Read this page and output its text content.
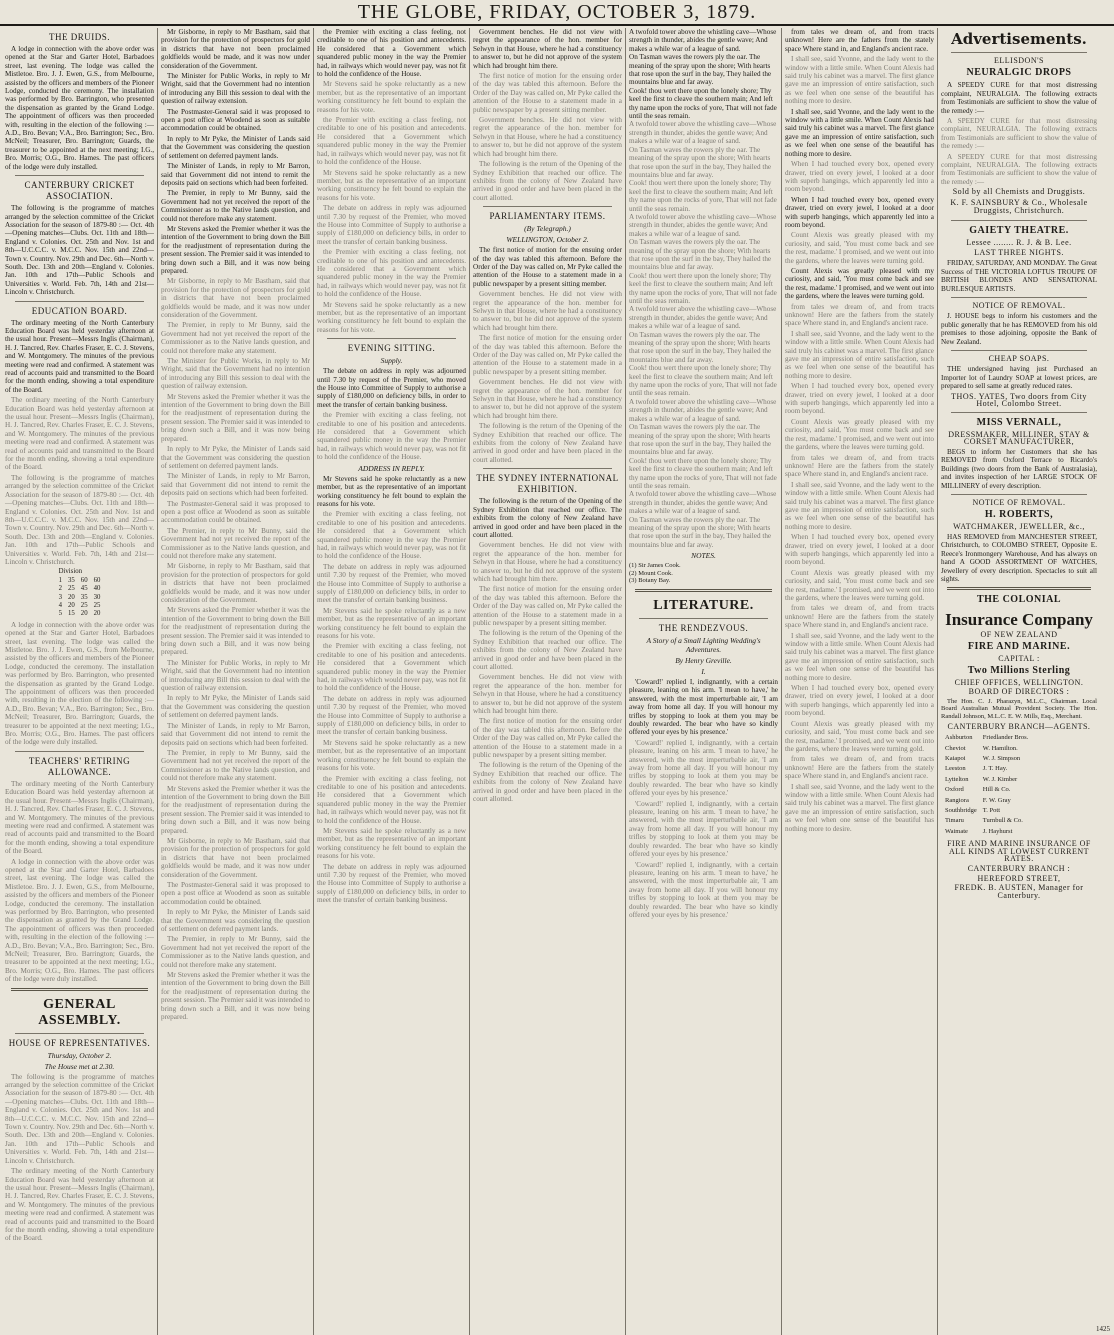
THE GLOBE, FRIDAY, OCTOBER 3, 1879.
THE DRUIDS.

A lodge in connection with the above order was opened at the Star and Garter Hotel, Barbadoes street, last evening. The lodge was called the Mistletoe. Bro. J. J. Ewen, G.S., from Melbourne, assisted by the officers and members of the Pioneer Lodge, conducted the ceremony. The installation was performed by Bro. Barrington, who presented the dispensation as granted by the Grand Lodge. The appointment of officers was then proceeded with, resulting in the election of the following :—A.D., Bro. Bevan; V.A., Bro. Barrington; Sec., Bro. McNeil; Treasurer, Bro. Barrington; Guards, the treasurer to be appointed at the next meeting; I.G., Bro. Morris; O.G., Bro. Hames. The past officers of the lodge were duly installed.

CANTERBURY CRICKET ASSOCIATION.

The following is the programme of matches arranged by the selection committee of the Cricket Association for the season of 1879-80 :— Oct. 4th—Opening matches—Clubs. Oct. 11th and 18th—England v. Colonies. Oct. 25th and Nov. 1st and 8th—U.C.C.C. v. M.C.C. Nov. 15th and 22nd—Town v. Country. Nov. 29th and Dec. 6th—North v. South. Dec. 13th and 20th—England v. Colonies. Jan. 10th and 17th—Public Schools and Universities v. World. Feb. 7th, 14th and 21st—Lincoln v. Christchurch.

EDUCATION BOARD.

The ordinary meeting of the North Canterbury Education Board was held yesterday afternoon at the usual hour. Present—Messrs Inglis (Chairman), H. J. Tancred, Rev. Charles Fraser, E. C. J. Stevens, and W. Montgomery. The minutes of the previous meeting were read and confirmed. A statement was read of accounts paid and transmitted to the Board for the month ending, showing a total expenditure of the Board.

The ordinary meeting of the North Canterbury Education Board was held yesterday afternoon at the usual hour. Present—Messrs Inglis (Chairman), H. J. Tancred, Rev. Charles Fraser, E. C. J. Stevens, and W. Montgomery. The minutes of the previous meeting were read and confirmed. A statement was read of accounts paid and transmitted to the Board for the month ending, showing a total expenditure of the Board.

The following is the programme of matches arranged by the selection committee of the Cricket Association for the season of 1879-80 :— Oct. 4th—Opening matches—Clubs. Oct. 11th and 18th—England v. Colonies. Oct. 25th and Nov. 1st and 8th—U.C.C.C. v. M.C.C. Nov. 15th and 22nd—Town v. Country. Nov. 29th and Dec. 6th—North v. South. Dec. 13th and 20th—England v. Colonies. Jan. 10th and 17th—Public Schools and Universities v. World. Feb. 7th, 14th and 21st—Lincoln v. Christchurch.

Division			
1	35	60	60
2	25	45	40
3	20	35	30
4	20	25	25
5	15	20	20

A lodge in connection with the above order was opened at the Star and Garter Hotel, Barbadoes street, last evening. The lodge was called the Mistletoe. Bro. J. J. Ewen, G.S., from Melbourne, assisted by the officers and members of the Pioneer Lodge, conducted the ceremony. The installation was performed by Bro. Barrington, who presented the dispensation as granted by the Grand Lodge. The appointment of officers was then proceeded with, resulting in the election of the following :—A.D., Bro. Bevan; V.A., Bro. Barrington; Sec., Bro. McNeil; Treasurer, Bro. Barrington; Guards, the treasurer to be appointed at the next meeting; I.G., Bro. Morris; O.G., Bro. Hames. The past officers of the lodge were duly installed.

TEACHERS' RETIRING ALLOWANCE.

The ordinary meeting of the North Canterbury Education Board was held yesterday afternoon at the usual hour. Present—Messrs Inglis (Chairman), H. J. Tancred, Rev. Charles Fraser, E. C. J. Stevens, and W. Montgomery. The minutes of the previous meeting were read and confirmed. A statement was read of accounts paid and transmitted to the Board for the month ending, showing a total expenditure of the Board.

A lodge in connection with the above order was opened at the Star and Garter Hotel, Barbadoes street, last evening. The lodge was called the Mistletoe. Bro. J. J. Ewen, G.S., from Melbourne, assisted by the officers and members of the Pioneer Lodge, conducted the ceremony. The installation was performed by Bro. Barrington, who presented the dispensation as granted by the Grand Lodge. The appointment of officers was then proceeded with, resulting in the election of the following :—A.D., Bro. Bevan; V.A., Bro. Barrington; Sec., Bro. McNeil; Treasurer, Bro. Barrington; Guards, the treasurer to be appointed at the next meeting; I.G., Bro. Morris; O.G., Bro. Hames. The past officers of the lodge were duly installed.

GENERAL ASSEMBLY.
HOUSE OF REPRESENTATIVES.
Thursday, October 2.
The House met at 2.30.

The following is the programme of matches arranged by the selection committee of the Cricket Association for the season of 1879-80 :— Oct. 4th—Opening matches—Clubs. Oct. 11th and 18th—England v. Colonies. Oct. 25th and Nov. 1st and 8th—U.C.C.C. v. M.C.C. Nov. 15th and 22nd—Town v. Country. Nov. 29th and Dec. 6th—North v. South. Dec. 13th and 20th—England v. Colonies. Jan. 10th and 17th—Public Schools and Universities v. World. Feb. 7th, 14th and 21st—Lincoln v. Christchurch.

The ordinary meeting of the North Canterbury Education Board was held yesterday afternoon at the usual hour. Present—Messrs Inglis (Chairman), H. J. Tancred, Rev. Charles Fraser, E. C. J. Stevens, and W. Montgomery. The minutes of the previous meeting were read and confirmed. A statement was read of accounts paid and transmitted to the Board for the month ending, showing a total expenditure of the Board.

Mr Gisborne, in reply to Mr Bastham, said that provision for the protection of prospectors for gold in districts that have not been proclaimed goldfields would be made, and it was now under consideration of the Government.

The Minister for Public Works, in reply to Mr Wright, said that the Government had no intention of introducing any Bill this session to deal with the question of railway extension.

The Postmaster-General said it was proposed to open a post office at Woodend as soon as suitable accommodation could be obtained.

In reply to Mr Pyke, the Minister of Lands said that the Government was considering the question of settlement on deferred payment lands.

The Minister of Lands, in reply to Mr Barron, said that Government did not intend to remit the deposits paid on sections which had been forfeited.

The Premier, in reply to Mr Bunny, said the Government had not yet received the report of the Commissioner as to the Native lands question, and could not therefore make any statement.

Mr Stevens asked the Premier whether it was the intention of the Government to bring down the Bill for the readjustment of representation during the present session. The Premier said it was intended to bring down such a Bill, and it was now being prepared.

Mr Gisborne, in reply to Mr Bastham, said that provision for the protection of prospectors for gold in districts that have not been proclaimed goldfields would be made, and it was now under consideration of the Government.

The Premier, in reply to Mr Bunny, said the Government had not yet received the report of the Commissioner as to the Native lands question, and could not therefore make any statement.

The Minister for Public Works, in reply to Mr Wright, said that the Government had no intention of introducing any Bill this session to deal with the question of railway extension.

Mr Stevens asked the Premier whether it was the intention of the Government to bring down the Bill for the readjustment of representation during the present session. The Premier said it was intended to bring down such a Bill, and it was now being prepared.

In reply to Mr Pyke, the Minister of Lands said that the Government was considering the question of settlement on deferred payment lands.

The Minister of Lands, in reply to Mr Barron, said that Government did not intend to remit the deposits paid on sections which had been forfeited.

The Postmaster-General said it was proposed to open a post office at Woodend as soon as suitable accommodation could be obtained.

The Premier, in reply to Mr Bunny, said the Government had not yet received the report of the Commissioner as to the Native lands question, and could not therefore make any statement.

Mr Gisborne, in reply to Mr Bastham, said that provision for the protection of prospectors for gold in districts that have not been proclaimed goldfields would be made, and it was now under consideration of the Government.

Mr Stevens asked the Premier whether it was the intention of the Government to bring down the Bill for the readjustment of representation during the present session. The Premier said it was intended to bring down such a Bill, and it was now being prepared.

The Minister for Public Works, in reply to Mr Wright, said that the Government had no intention of introducing any Bill this session to deal with the question of railway extension.

In reply to Mr Pyke, the Minister of Lands said that the Government was considering the question of settlement on deferred payment lands.

The Minister of Lands, in reply to Mr Barron, said that Government did not intend to remit the deposits paid on sections which had been forfeited.

The Premier, in reply to Mr Bunny, said the Government had not yet received the report of the Commissioner as to the Native lands question, and could not therefore make any statement.

Mr Stevens asked the Premier whether it was the intention of the Government to bring down the Bill for the readjustment of representation during the present session. The Premier said it was intended to bring down such a Bill, and it was now being prepared.

Mr Gisborne, in reply to Mr Bastham, said that provision for the protection of prospectors for gold in districts that have not been proclaimed goldfields would be made, and it was now under consideration of the Government.

The Postmaster-General said it was proposed to open a post office at Woodend as soon as suitable accommodation could be obtained.

In reply to Mr Pyke, the Minister of Lands said that the Government was considering the question of settlement on deferred payment lands.

The Premier, in reply to Mr Bunny, said the Government had not yet received the report of the Commissioner as to the Native lands question, and could not therefore make any statement.

Mr Stevens asked the Premier whether it was the intention of the Government to bring down the Bill for the readjustment of representation during the present session. The Premier said it was intended to bring down such a Bill, and it was now being prepared.

the Premier with exciting a class feeling, not creditable to one of his position and antecedents. He considered that a Government which squandered public money in the way the Premier had, in railways which would never pay, was not fit to hold the confidence of the House.

Mr Stevens said he spoke reluctantly as a new member, but as the representative of an important working constituency he felt bound to explain the reasons for his vote.

the Premier with exciting a class feeling, not creditable to one of his position and antecedents. He considered that a Government which squandered public money in the way the Premier had, in railways which would never pay, was not fit to hold the confidence of the House.

Mr Stevens said he spoke reluctantly as a new member, but as the representative of an important working constituency he felt bound to explain the reasons for his vote.

The debate on address in reply was adjourned until 7.30 by request of the Premier, who moved the House into Committee of Supply to authorise a supply of £180,000 on deficiency bills, in order to meet the transfer of certain banking business.

the Premier with exciting a class feeling, not creditable to one of his position and antecedents. He considered that a Government which squandered public money in the way the Premier had, in railways which would never pay, was not fit to hold the confidence of the House.

Mr Stevens said he spoke reluctantly as a new member, but as the representative of an important working constituency he felt bound to explain the reasons for his vote.

EVENING SITTING.
Supply.

The debate on address in reply was adjourned until 7.30 by request of the Premier, who moved the House into Committee of Supply to authorise a supply of £180,000 on deficiency bills, in order to meet the transfer of certain banking business.

the Premier with exciting a class feeling, not creditable to one of his position and antecedents. He considered that a Government which squandered public money in the way the Premier had, in railways which would never pay, was not fit to hold the confidence of the House.

ADDRESS IN REPLY.

Mr Stevens said he spoke reluctantly as a new member, but as the representative of an important working constituency he felt bound to explain the reasons for his vote.

the Premier with exciting a class feeling, not creditable to one of his position and antecedents. He considered that a Government which squandered public money in the way the Premier had, in railways which would never pay, was not fit to hold the confidence of the House.

The debate on address in reply was adjourned until 7.30 by request of the Premier, who moved the House into Committee of Supply to authorise a supply of £180,000 on deficiency bills, in order to meet the transfer of certain banking business.

Mr Stevens said he spoke reluctantly as a new member, but as the representative of an important working constituency he felt bound to explain the reasons for his vote.

the Premier with exciting a class feeling, not creditable to one of his position and antecedents. He considered that a Government which squandered public money in the way the Premier had, in railways which would never pay, was not fit to hold the confidence of the House.

The debate on address in reply was adjourned until 7.30 by request of the Premier, who moved the House into Committee of Supply to authorise a supply of £180,000 on deficiency bills, in order to meet the transfer of certain banking business.

Mr Stevens said he spoke reluctantly as a new member, but as the representative of an important working constituency he felt bound to explain the reasons for his vote.

the Premier with exciting a class feeling, not creditable to one of his position and antecedents. He considered that a Government which squandered public money in the way the Premier had, in railways which would never pay, was not fit to hold the confidence of the House.

Mr Stevens said he spoke reluctantly as a new member, but as the representative of an important working constituency he felt bound to explain the reasons for his vote.

The debate on address in reply was adjourned until 7.30 by request of the Premier, who moved the House into Committee of Supply to authorise a supply of £180,000 on deficiency bills, in order to meet the transfer of certain banking business.

Government benches. He did not view with regret the appearance of the hon. member for Selwyn in that House, where he had a constituency to answer to, but he did not approve of the system which had brought him there.

The first notice of motion for the ensuing order of the day was tabled this afternoon. Before the Order of the Day was called on, Mr Pyke called the attention of the House to a statement made in a public newspaper by a present sitting member.

Government benches. He did not view with regret the appearance of the hon. member for Selwyn in that House, where he had a constituency to answer to, but he did not approve of the system which had brought him there.

The following is the return of the Opening of the Sydney Exhibition that reached our office. The exhibits from the colony of New Zealand have arrived in good order and have been placed in the court allotted.

PARLIAMENTARY ITEMS.
(By Telegraph.)
WELLINGTON, October 2.

The first notice of motion for the ensuing order of the day was tabled this afternoon. Before the Order of the Day was called on, Mr Pyke called the attention of the House to a statement made in a public newspaper by a present sitting member.

Government benches. He did not view with regret the appearance of the hon. member for Selwyn in that House, where he had a constituency to answer to, but he did not approve of the system which had brought him there.

The first notice of motion for the ensuing order of the day was tabled this afternoon. Before the Order of the Day was called on, Mr Pyke called the attention of the House to a statement made in a public newspaper by a present sitting member.

Government benches. He did not view with regret the appearance of the hon. member for Selwyn in that House, where he had a constituency to answer to, but he did not approve of the system which had brought him there.

The following is the return of the Opening of the Sydney Exhibition that reached our office. The exhibits from the colony of New Zealand have arrived in good order and have been placed in the court allotted.

THE SYDNEY INTERNATIONAL EXHIBITION.

The following is the return of the Opening of the Sydney Exhibition that reached our office. The exhibits from the colony of New Zealand have arrived in good order and have been placed in the court allotted.

Government benches. He did not view with regret the appearance of the hon. member for Selwyn in that House, where he had a constituency to answer to, but he did not approve of the system which had brought him there.

The first notice of motion for the ensuing order of the day was tabled this afternoon. Before the Order of the Day was called on, Mr Pyke called the attention of the House to a statement made in a public newspaper by a present sitting member.

The following is the return of the Opening of the Sydney Exhibition that reached our office. The exhibits from the colony of New Zealand have arrived in good order and have been placed in the court allotted.

Government benches. He did not view with regret the appearance of the hon. member for Selwyn in that House, where he had a constituency to answer to, but he did not approve of the system which had brought him there.

The first notice of motion for the ensuing order of the day was tabled this afternoon. Before the Order of the Day was called on, Mr Pyke called the attention of the House to a statement made in a public newspaper by a present sitting member.

The following is the return of the Opening of the Sydney Exhibition that reached our office. The exhibits from the colony of New Zealand have arrived in good order and have been placed in the court allotted.

A twofold tower above the whistling cave—Whose strength in thunder, abides the gentle wave; And makes a while war of a league of sand.

On Tasman waves the rowers ply the oar. The meaning of the spray upon the shore; With hearts that rose upon the surf in the bay, They hailed the mountains blue and far away.

Cook! thou wert there upon the lonely shore; Thy keel the first to cleave the southern main; And left thy name upon the rocks of yore, That will not fade until the seas remain.

A twofold tower above the whistling cave—Whose strength in thunder, abides the gentle wave; And makes a while war of a league of sand.

On Tasman waves the rowers ply the oar. The meaning of the spray upon the shore; With hearts that rose upon the surf in the bay, They hailed the mountains blue and far away.

Cook! thou wert there upon the lonely shore; Thy keel the first to cleave the southern main; And left thy name upon the rocks of yore, That will not fade until the seas remain.

A twofold tower above the whistling cave—Whose strength in thunder, abides the gentle wave; And makes a while war of a league of sand.

On Tasman waves the rowers ply the oar. The meaning of the spray upon the shore; With hearts that rose upon the surf in the bay, They hailed the mountains blue and far away.

Cook! thou wert there upon the lonely shore; Thy keel the first to cleave the southern main; And left thy name upon the rocks of yore, That will not fade until the seas remain.

A twofold tower above the whistling cave—Whose strength in thunder, abides the gentle wave; And makes a while war of a league of sand.

On Tasman waves the rowers ply the oar. The meaning of the spray upon the shore; With hearts that rose upon the surf in the bay, They hailed the mountains blue and far away.

Cook! thou wert there upon the lonely shore; Thy keel the first to cleave the southern main; And left thy name upon the rocks of yore, That will not fade until the seas remain.

A twofold tower above the whistling cave—Whose strength in thunder, abides the gentle wave; And makes a while war of a league of sand.

On Tasman waves the rowers ply the oar. The meaning of the spray upon the shore; With hearts that rose upon the surf in the bay, They hailed the mountains blue and far away.

Cook! thou wert there upon the lonely shore; Thy keel the first to cleave the southern main; And left thy name upon the rocks of yore, That will not fade until the seas remain.

A twofold tower above the whistling cave—Whose strength in thunder, abides the gentle wave; And makes a while war of a league of sand.

On Tasman waves the rowers ply the oar. The meaning of the spray upon the shore; With hearts that rose upon the surf in the bay, They hailed the mountains blue and far away.

NOTES.
(1) Sir James Cook.
(2) Mount Cook.
(3) Botany Bay.
LITERATURE.
THE RENDEZVOUS.
A Story of a Small Lighting Wedding's Adventures.
By Henry Greville.
I.

'Coward!' replied I, indignantly, with a certain pleasure, leaning on his arm. 'I mean to have,' he answered, with the most imperturbable air, 'I am away from home all day. If you will honour my trifles by stopping to look at them you may be doubly rewarded. The bear who have so kindly offered your eyes by his presence.'

'Coward!' replied I, indignantly, with a certain pleasure, leaning on his arm. 'I mean to have,' he answered, with the most imperturbable air, 'I am away from home all day. If you will honour my trifles by stopping to look at them you may be doubly rewarded. The bear who have so kindly offered your eyes by his presence.'

'Coward!' replied I, indignantly, with a certain pleasure, leaning on his arm. 'I mean to have,' he answered, with the most imperturbable air, 'I am away from home all day. If you will honour my trifles by stopping to look at them you may be doubly rewarded. The bear who have so kindly offered your eyes by his presence.'

'Coward!' replied I, indignantly, with a certain pleasure, leaning on his arm. 'I mean to have,' he answered, with the most imperturbable air, 'I am away from home all day. If you will honour my trifles by stopping to look at them you may be doubly rewarded. The bear who have so kindly offered your eyes by his presence.'

from tales we dream of, and from tracts unknown! Here are the fathers from the stately space Where stand in, and England's ancient race.

I shall see, said Yvonne, and the lady went to the window with a little smile. When Count Alexis had said truly his cabinet was a marvel. The first glance gave me an impression of entire satisfaction, such as we feel when one sense of the beautiful has nothing more to desire.

I shall see, said Yvonne, and the lady went to the window with a little smile. When Count Alexis had said truly his cabinet was a marvel. The first glance gave me an impression of entire satisfaction, such as we feel when one sense of the beautiful has nothing more to desire.

When I had touched every box, opened every drawer, tried on every jewel, I looked at a door with superb hangings, which apparently led into a room beyond.

When I had touched every box, opened every drawer, tried on every jewel, I looked at a door with superb hangings, which apparently led into a room beyond.

Count Alexis was greatly pleased with my curiosity, and said, 'You must come back and see the rest, madame.' I promised, and we went out into the gardens, where the leaves were turning gold.

Count Alexis was greatly pleased with my curiosity, and said, 'You must come back and see the rest, madame.' I promised, and we went out into the gardens, where the leaves were turning gold.

from tales we dream of, and from tracts unknown! Here are the fathers from the stately space Where stand in, and England's ancient race.

I shall see, said Yvonne, and the lady went to the window with a little smile. When Count Alexis had said truly his cabinet was a marvel. The first glance gave me an impression of entire satisfaction, such as we feel when one sense of the beautiful has nothing more to desire.

When I had touched every box, opened every drawer, tried on every jewel, I looked at a door with superb hangings, which apparently led into a room beyond.

Count Alexis was greatly pleased with my curiosity, and said, 'You must come back and see the rest, madame.' I promised, and we went out into the gardens, where the leaves were turning gold.

from tales we dream of, and from tracts unknown! Here are the fathers from the stately space Where stand in, and England's ancient race.

I shall see, said Yvonne, and the lady went to the window with a little smile. When Count Alexis had said truly his cabinet was a marvel. The first glance gave me an impression of entire satisfaction, such as we feel when one sense of the beautiful has nothing more to desire.

When I had touched every box, opened every drawer, tried on every jewel, I looked at a door with superb hangings, which apparently led into a room beyond.

Count Alexis was greatly pleased with my curiosity, and said, 'You must come back and see the rest, madame.' I promised, and we went out into the gardens, where the leaves were turning gold.

from tales we dream of, and from tracts unknown! Here are the fathers from the stately space Where stand in, and England's ancient race.

I shall see, said Yvonne, and the lady went to the window with a little smile. When Count Alexis had said truly his cabinet was a marvel. The first glance gave me an impression of entire satisfaction, such as we feel when one sense of the beautiful has nothing more to desire.

When I had touched every box, opened every drawer, tried on every jewel, I looked at a door with superb hangings, which apparently led into a room beyond.

Count Alexis was greatly pleased with my curiosity, and said, 'You must come back and see the rest, madame.' I promised, and we went out into the gardens, where the leaves were turning gold.

from tales we dream of, and from tracts unknown! Here are the fathers from the stately space Where stand in, and England's ancient race.

I shall see, said Yvonne, and the lady went to the window with a little smile. When Count Alexis had said truly his cabinet was a marvel. The first glance gave me an impression of entire satisfaction, such as we feel when one sense of the beautiful has nothing more to desire.

Advertisements.
ELLISDON'S
NEURALGIC DROPS

A SPEEDY CURE for that most distressing complaint, NEURALGIA. The following extracts from Testimonials are sufficient to show the value of the remedy :—

A SPEEDY CURE for that most distressing complaint, NEURALGIA. The following extracts from Testimonials are sufficient to show the value of the remedy :—

A SPEEDY CURE for that most distressing complaint, NEURALGIA. The following extracts from Testimonials are sufficient to show the value of the remedy :—

Sold by all Chemists and Druggists.
K. F. SAINSBURY & Co., Wholesale Druggists, Christchurch.
GAIETY THEATRE.
Lessee ........ R. J. & B. Lee.
LAST THREE NIGHTS.

FRIDAY, SATURDAY, AND MONDAY. The Great Success of THE VICTORIA LOFTUS TROUPE OF BRITISH BLONDES AND SENSATIONAL BURLESQUE ARTISTS.

NOTICE OF REMOVAL.

J. HOUSE begs to inform his customers and the public generally that he has REMOVED from his old premises to those adjoining, opposite the Bank of New Zealand.

CHEAP SOAPS.

THE undersigned having just Purchased an Importer lot of Laundry SOAP at lowest prices, are prepared to sell same at greatly reduced rates.

THOS. YATES, Two doors from City Hotel, Colombo Street.
MISS VERNALL,
DRESSMAKER, MILLINER, STAY & CORSET MANUFACTURER,

BEGS to inform her Customers that she has REMOVED from Oxford Terrace to Ricardo's Buildings (two doors from the Bank of Australasia), and invites inspection of her LARGE STOCK OF MILLINERY of every description.

NOTICE OF REMOVAL.
H. ROBERTS,
WATCHMAKER, JEWELLER, &c.,

HAS REMOVED from MANCHESTER STREET, Christchurch, to COLOMBO STREET, Opposite E. Reece's Ironmongery Warehouse, And has always on hand A GOOD ASSORTMENT OF WATCHES, Jewellery of every description. Spectacles to suit all sights.

THE COLONIAL
Insurance Company
OF NEW ZEALAND
FIRE AND MARINE.
CAPITAL :
Two Millions Sterling
CHIEF OFFICES, WELLINGTON.
BOARD OF DIRECTORS :

The Hon. C. J. Pharazyn, M.L.C., Chairman. Local Board Australian Mutual Provident Society. The Hon. Randall Johnson, M.L.C. E. W. Mills, Esq., Merchant.

CANTERBURY BRANCH—AGENTS.
Ashburton	Friedlander Bros.
Cheviot	W. Hamilton.
Kaiapoi	W. J. Simpson
Leeston	J. T. Hay.
Lyttelton	W. J. Kimber
Oxford	Hill & Co.
Rangiora	F. W. Gray
Southbridge	T. Pott
Timaru	Turnbull & Co.
Waimate	J. Hayhurst
FIRE AND MARINE INSURANCE OF ALL KINDS AT LOWEST CURRENT RATES.
CANTERBURY BRANCH :
HEREFORD STREET,
FREDK. B. AUSTEN, Manager for Canterbury.
1425
